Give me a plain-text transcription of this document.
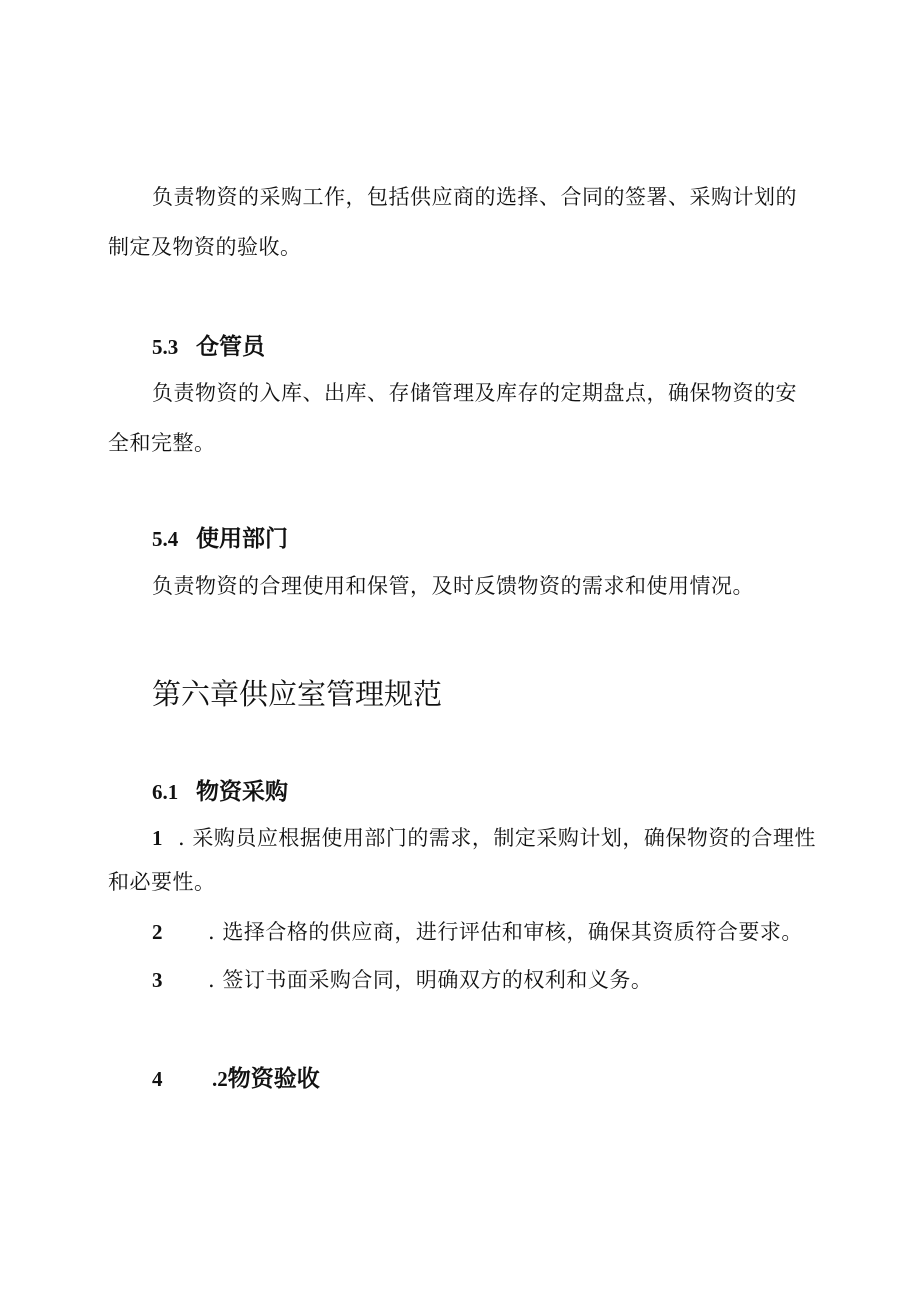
负责物资的采购工作，包括供应商的选择、合同的签署、采购计划的制定及物资的验收。

5.3 仓管员

负责物资的入库、出库、存储管理及库存的定期盘点，确保物资的安全和完整。

5.4 使用部门

负责物资的合理使用和保管，及时反馈物资的需求和使用情况。

第六章供应室管理规范
6.1 物资采购

1 . 采购员应根据使用部门的需求，制定采购计划，确保物资的合理性和必要性。

2 . 选择合格的供应商，进行评估和审核，确保其资质符合要求。

3 . 签订书面采购合同，明确双方的权利和义务。

4 .2物资验收
